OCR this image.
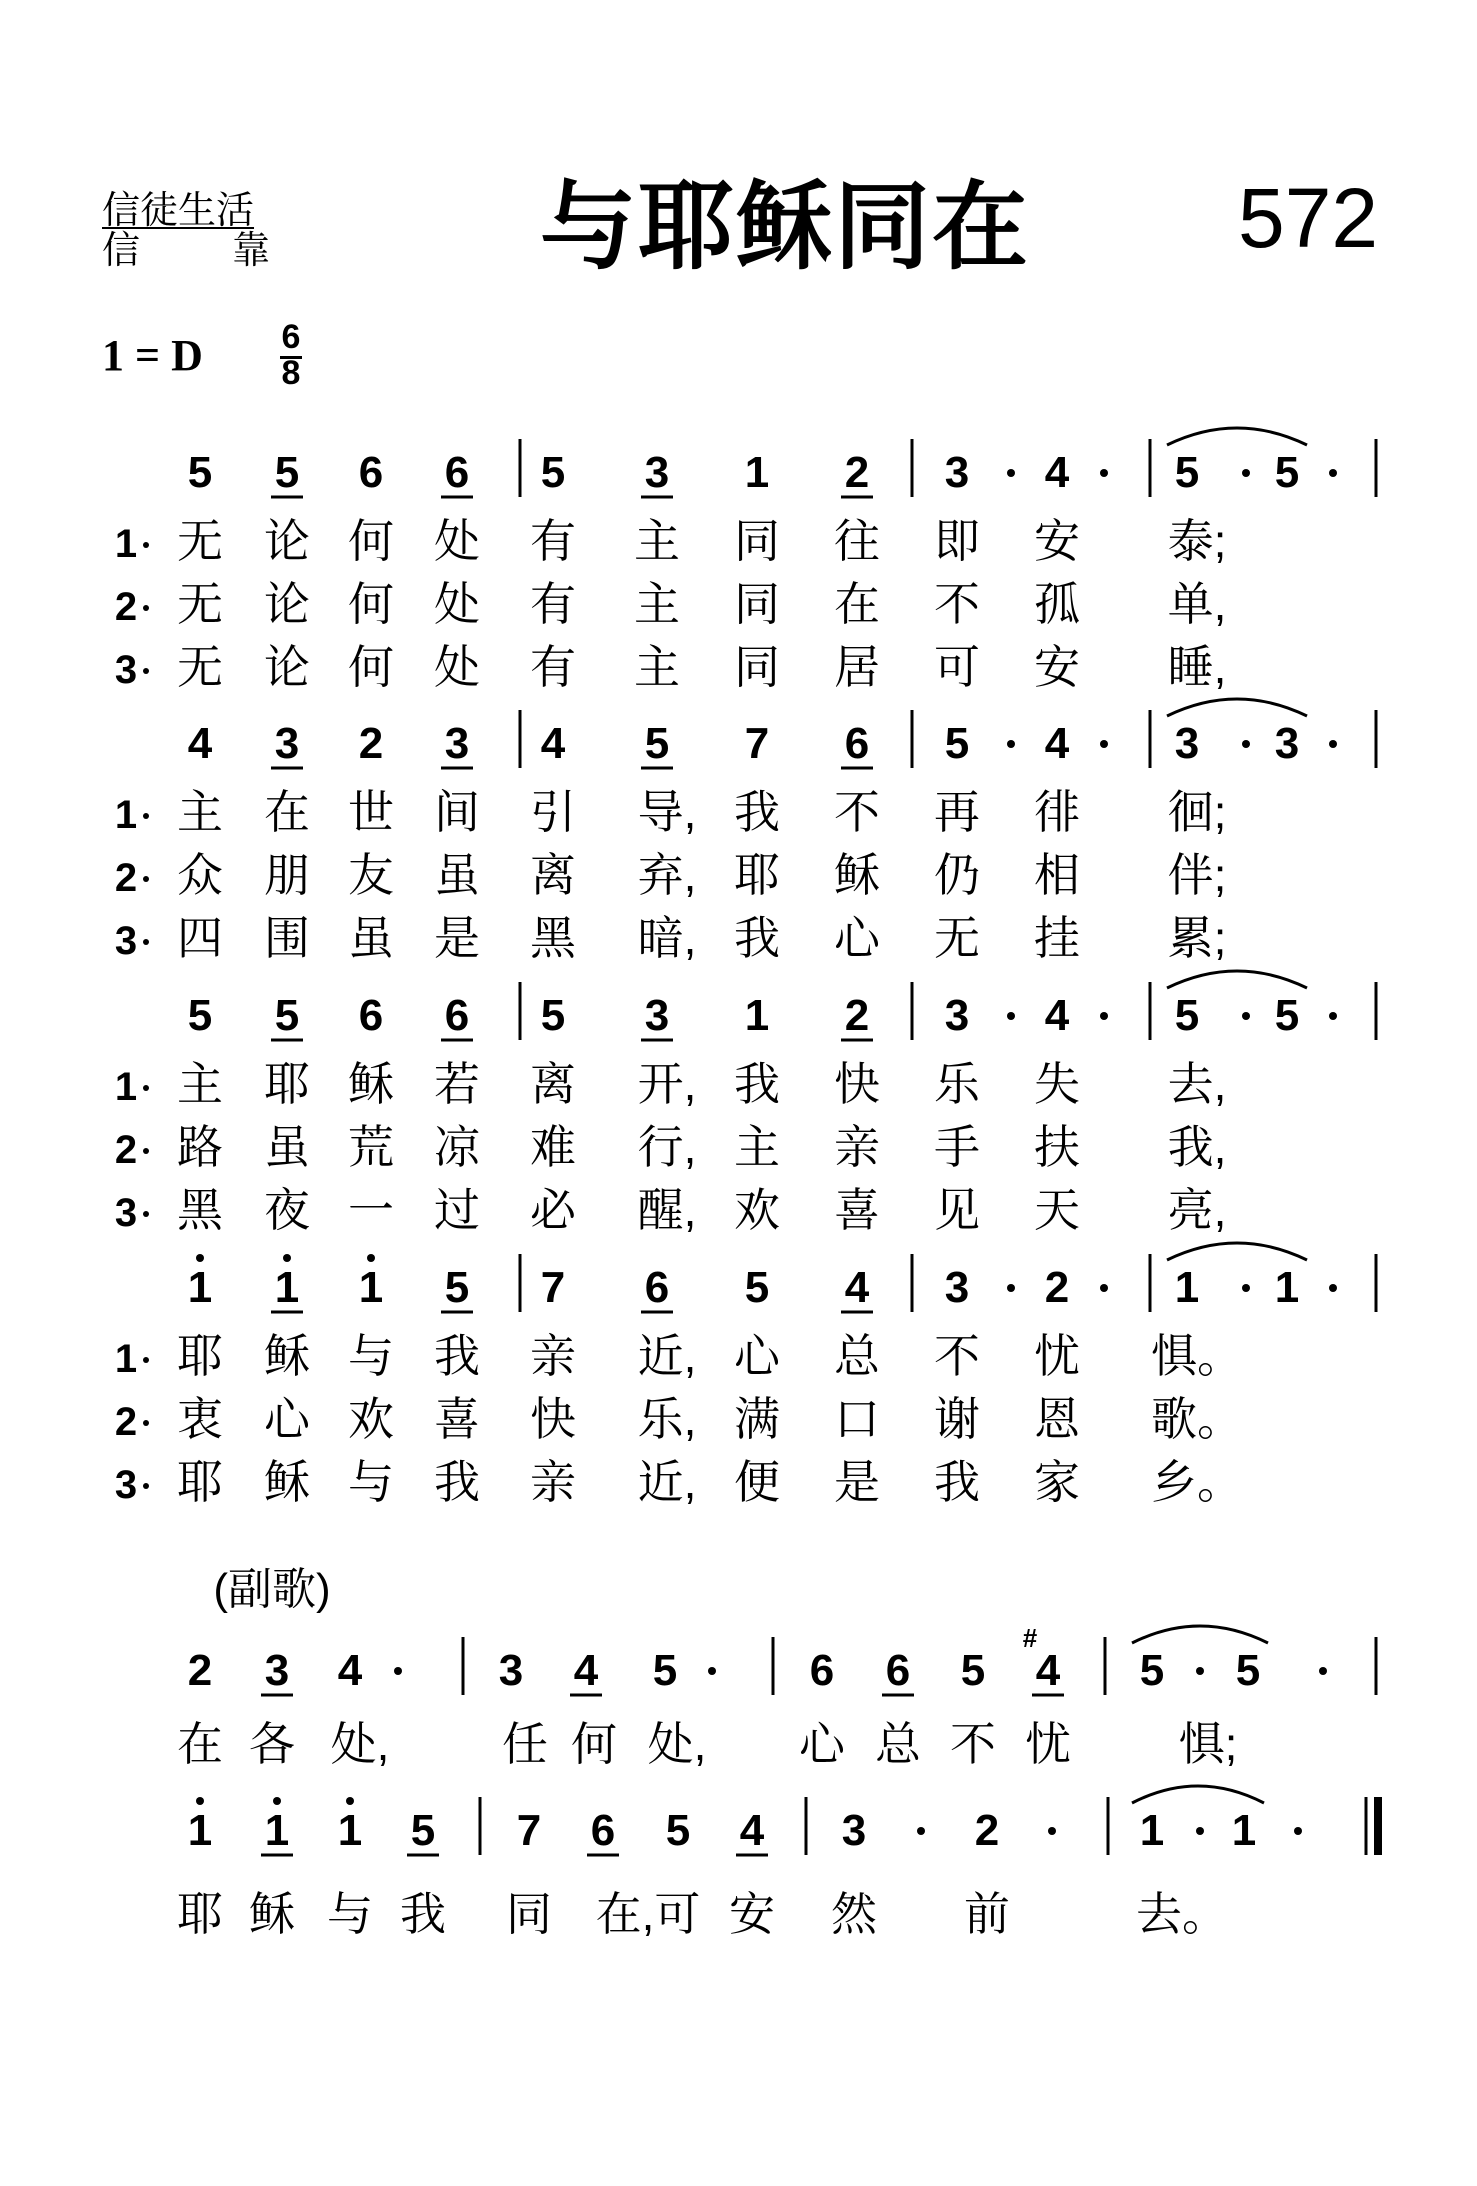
信徒生活
信靠 与耶稣同在 572
1 = D 6
8
5 5 6 6 5 3 1 2 3 4 5 5
1 无 论 何 处 有 主 同 往 即 安 泰;
2 无 论 何 处 有 主 同 在 不 孤 单,
3 无 论 何 处 有 主 同 居 可 安 睡,
4 3 2 3 4 5 7 6 5 4 3 3
1 主 在 世 间 引 导, 我 不 再 徘 徊;
2 众 朋 友 虽 离 弃, 耶 稣 仍 相 伴;
3 四 围 虽 是 黑 暗, 我 心 无 挂 累;
5 5 6 6 5 3 1 2 3 4 5 5
1 主 耶 稣 若 离 开, 我 快 乐 失 去,
2 路 虽 荒 凉 难 行, 主 亲 手 扶 我,
3 黑 夜 一 过 必 醒, 欢 喜 见 天 亮,
1 1 1 5 7 6 5 4 3 2 1 1
1 耶 稣 与 我 亲 近, 心 总 不 忧 惧。
2 衷 心 欢 喜 快 乐, 满 口 谢 恩 歌。
3 耶 稣 与 我 亲 近, 便 是 我 家 乡。
(副歌)
2 3 4	3 4 5	6 6 5 4
#
5 5
在 各 处, 任 何 处, 心 总 不 忧 惧;
1 1 1 5 7 6 5 4 3 2	1 1
耶 稣 与 我 同 在,可 安 然 前	去。
